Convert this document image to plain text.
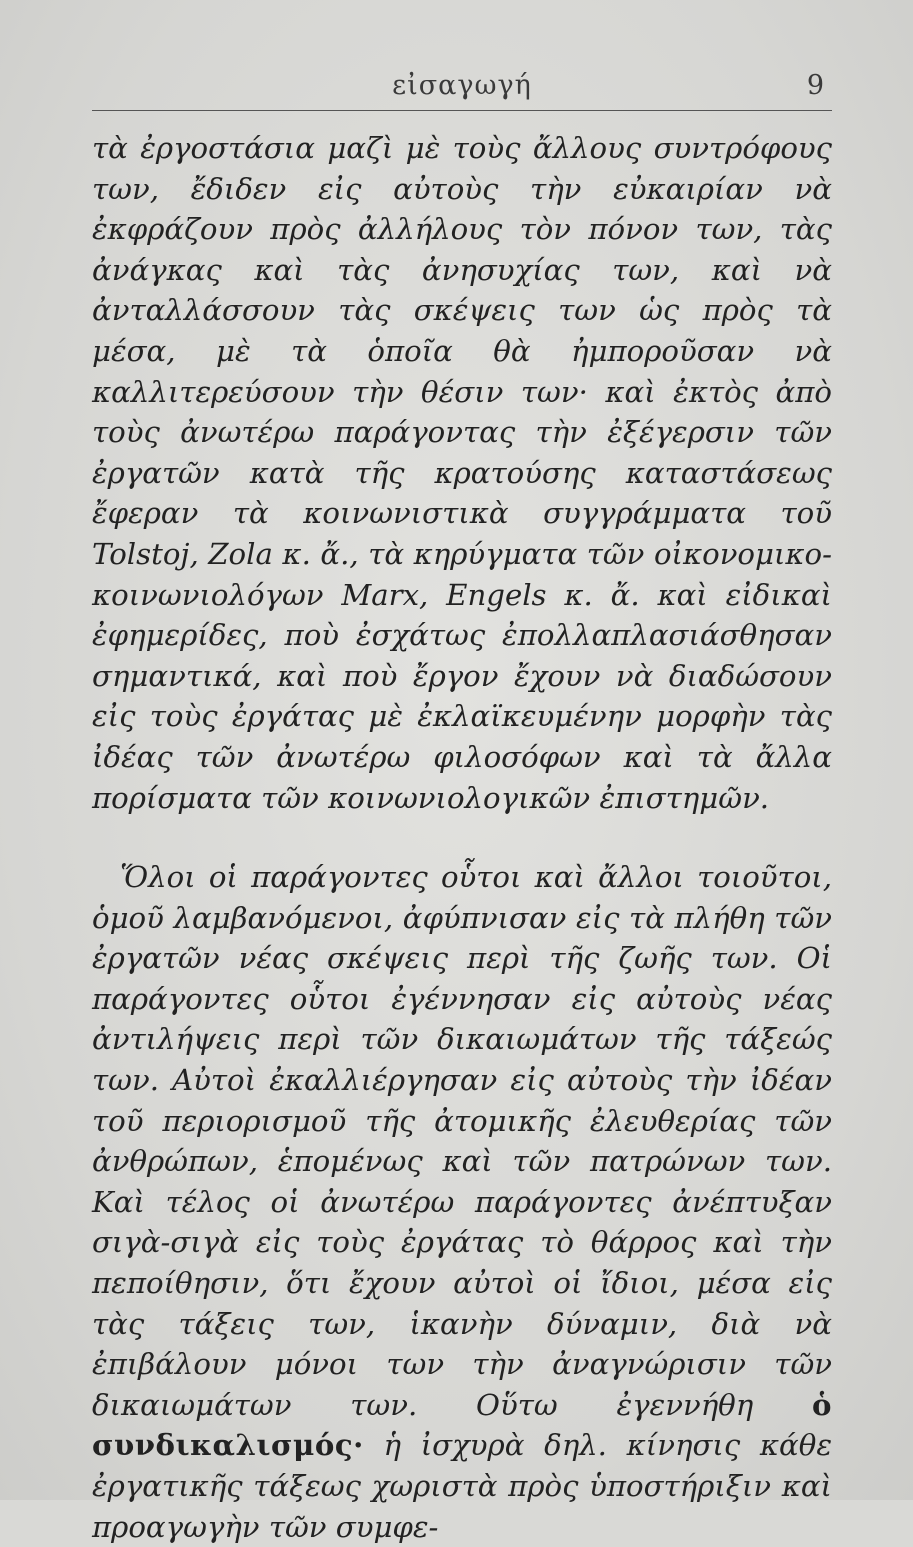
εἰσαγωγή	9

τὰ ἐργοστάσια μαζὶ μὲ τοὺς ἄλλους συντρόφους των, ἔδιδεν εἰς αὐτοὺς τὴν εὐκαιρίαν νὰ ἐκφράζουν πρὸς ἀλλήλους τὸν πόνον των, τὰς ἀνάγκας καὶ τὰς ἀνησυχίας των, καὶ νὰ ἀνταλλάσσουν τὰς σκέψεις των ὡς πρὸς τὰ μέσα, μὲ τὰ ὁποῖα θὰ ἠμποροῦσαν νὰ καλλιτερεύσουν τὴν θέσιν των· καὶ ἐκτὸς ἀπὸ τοὺς ἀνωτέρω παράγοντας τὴν ἐξέγερσιν τῶν ἐργατῶν κατὰ τῆς κρατούσης καταστάσεως ἔφεραν τὰ κοινωνιστικὰ συγγράμματα τοῦ Tolstoj, Zola κ. ἄ., τὰ κηρύγματα τῶν οἰκονομικο-κοινωνιολόγων Marx, Engels κ. ἄ. καὶ εἰδικαὶ ἐφημερίδες, ποὺ ἐσχάτως ἐπολλαπλασιάσθησαν σημαντικά, καὶ ποὺ ἔργον ἔχουν νὰ διαδώσουν εἰς τοὺς ἐργάτας μὲ ἐκλαϊκευμένην μορφὴν τὰς ἰδέας τῶν ἀνωτέρω φιλοσόφων καὶ τὰ ἄλλα πορίσματα τῶν κοινωνιολογικῶν ἐπιστημῶν.

Ὅλοι οἱ παράγοντες οὗτοι καὶ ἄλλοι τοιοῦτοι, ὁμοῦ λαμβανόμενοι, ἀφύπνισαν εἰς τὰ πλήθη τῶν ἐργατῶν νέας σκέψεις περὶ τῆς ζωῆς των. Οἱ παράγοντες οὗτοι ἐγέννησαν εἰς αὐτοὺς νέας ἀντιλήψεις περὶ τῶν δικαιωμάτων τῆς τάξεώς των. Αὐτοὶ ἐκαλλιέργησαν εἰς αὐτοὺς τὴν ἰδέαν τοῦ περιορισμοῦ τῆς ἀτομικῆς ἐλευθερίας τῶν ἀνθρώπων, ἑπομένως καὶ τῶν πατρώνων των. Καὶ τέλος οἱ ἀνωτέρω παράγοντες ἀνέπτυξαν σιγὰ-σιγὰ εἰς τοὺς ἐργάτας τὸ θάρρος καὶ τὴν πεποίθησιν, ὅτι ἔχουν αὐτοὶ οἱ ἴδιοι, μέσα εἰς τὰς τάξεις των, ἱκανὴν δύναμιν, διὰ νὰ ἐπιβάλουν μόνοι των τὴν ἀναγνώρισιν τῶν δικαιωμάτων των. Οὕτω ἐγεννήθη ὁ συνδικαλισμός· ἡ ἰσχυρὰ δηλ. κίνησις κάθε ἐργατικῆς τάξεως χωριστὰ πρὸς ὑποστήριξιν καὶ προαγωγὴν τῶν συμφε-
